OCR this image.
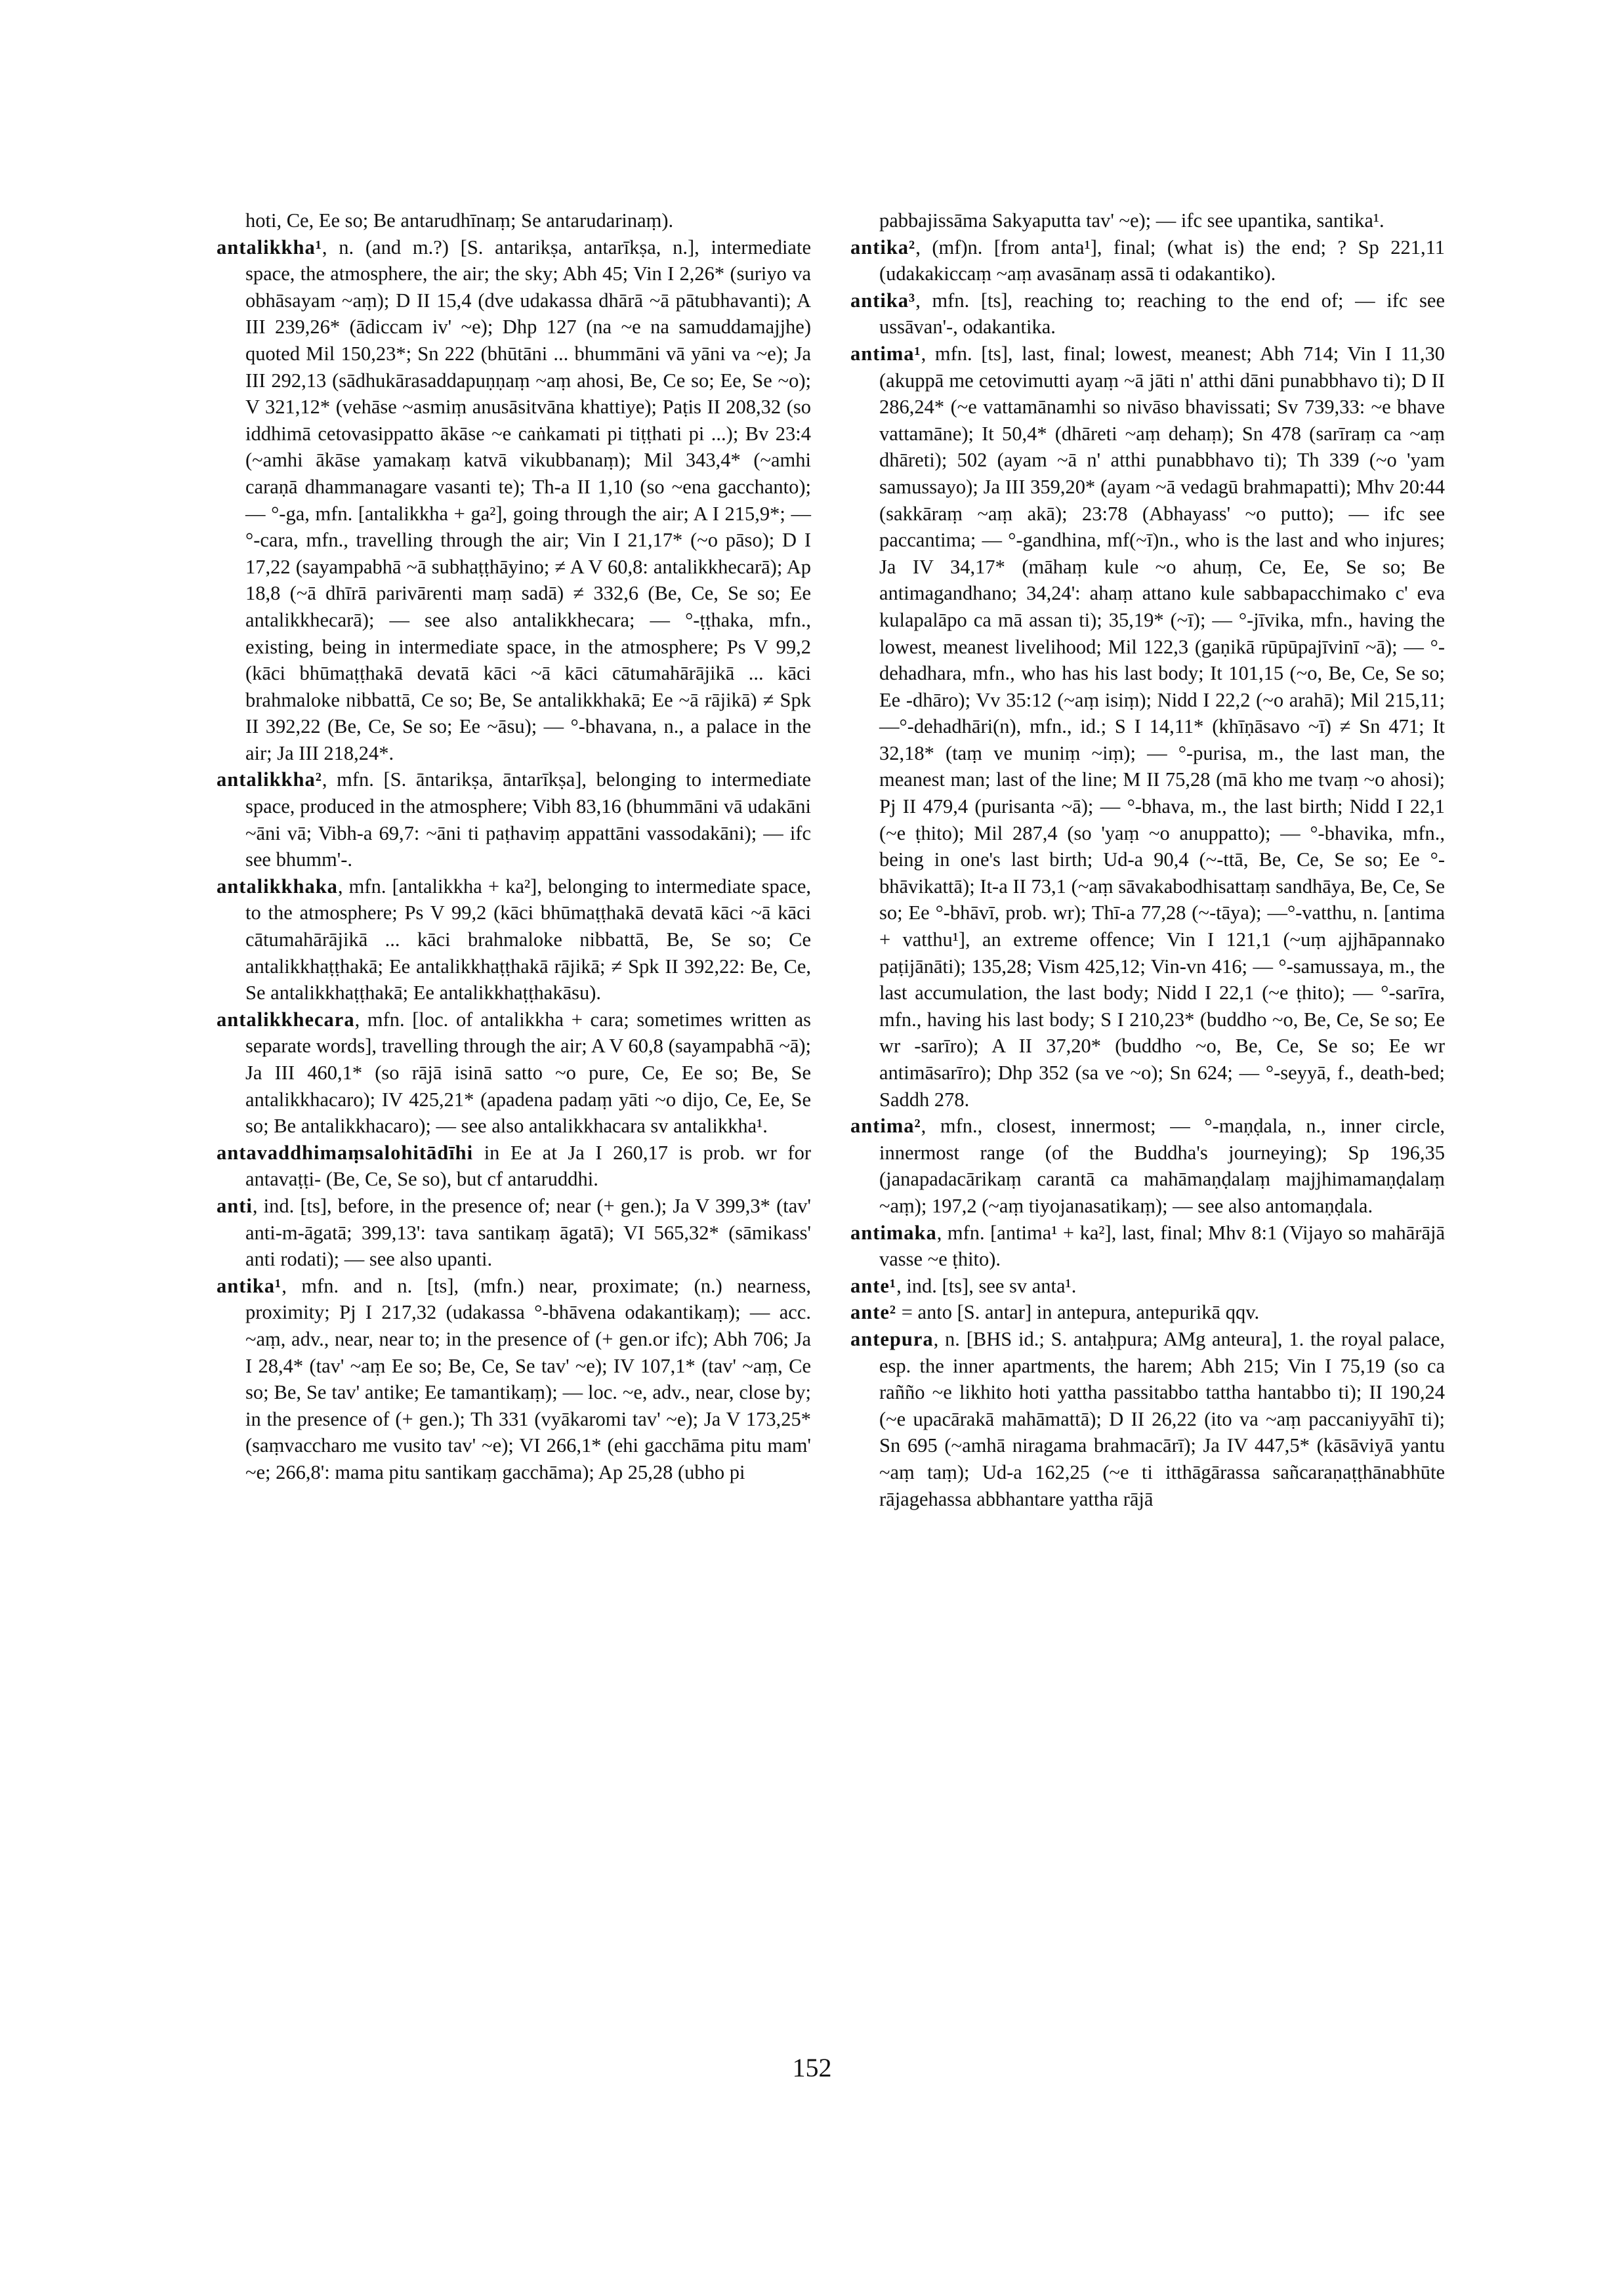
hoti, Ce, Ee so; Be antarudhīnaṃ; Se antarudarinaṃ).

antalikkha¹, n. (and m.?) [S. antarikṣa, antarīkṣa, n.], intermediate space, the atmosphere, the air; the sky; Abh 45; Vin I 2,26* (suriyo va obhāsayam ~aṃ); D II 15,4 (dve udakassa dhārā ~ā pātubhavanti); A III 239,26* (ādiccam iv' ~e); Dhp 127 (na ~e na samuddamajjhe) quoted Mil 150,23*; Sn 222 (bhūtāni ... bhummāni vā yāni va ~e); Ja III 292,13 (sādhukārasaddapuṇṇaṃ ~aṃ ahosi, Be, Ce so; Ee, Se ~o); V 321,12* (vehāse ~asmiṃ anusāsitvāna khattiye); Paṭis II 208,32 (so iddhimā cetovasippatto ākāse ~e caṅkamati pi tiṭṭhati pi ...); Bv 23:4 (~amhi ākāse yamakaṃ katvā vikubbanaṃ); Mil 343,4* (~amhi caraṇā dhammanagare vasanti te); Th-a II 1,10 (so ~ena gacchanto); — °-ga, mfn. [antalikkha + ga²], going through the air; A I 215,9*; — °-cara, mfn., travelling through the air; Vin I 21,17* (~o pāso); D I 17,22 (sayampabhā ~ā subhaṭṭhāyino; ≠ A V 60,8: antalikkhecarā); Ap 18,8 (~ā dhīrā parivārenti maṃ sadā) ≠ 332,6 (Be, Ce, Se so; Ee antalikkhecarā); — see also antalikkhecara; — °-ṭṭhaka, mfn., existing, being in intermediate space, in the atmosphere; Ps V 99,2 (kāci bhūmaṭṭhakā devatā kāci ~ā kāci cātumahārājikā ... kāci brahmaloke nibbattā, Ce so; Be, Se antalikkhakā; Ee ~ā rājikā) ≠ Spk II 392,22 (Be, Ce, Se so; Ee ~āsu); — °-bhavana, n., a palace in the air; Ja III 218,24*.

antalikkha², mfn. [S. āntarikṣa, āntarīkṣa], belonging to intermediate space, produced in the atmosphere; Vibh 83,16 (bhummāni vā udakāni ~āni vā; Vibh-a 69,7: ~āni ti paṭhaviṃ appattāni vassodakāni); — ifc see bhumm'-.

antalikkhaka, mfn. [antalikkha + ka²], belonging to intermediate space, to the atmosphere; Ps V 99,2 (kāci bhūmaṭṭhakā devatā kāci ~ā kāci cātumahārājikā ... kāci brahmaloke nibbattā, Be, Se so; Ce antalikkhaṭṭhakā; Ee antalikkhaṭṭhakā rājikā; ≠ Spk II 392,22: Be, Ce, Se antalikkhaṭṭhakā; Ee antalikkhaṭṭhakāsu).

antalikkhecara, mfn. [loc. of antalikkha + cara; sometimes written as separate words], travelling through the air; A V 60,8 (sayampabhā ~ā); Ja III 460,1* (so rājā isinā satto ~o pure, Ce, Ee so; Be, Se antalikkhacaro); IV 425,21* (apadena padaṃ yāti ~o dijo, Ce, Ee, Se so; Be antalikkhacaro); — see also antalikkhacara sv antalikkha¹.

antavaddhimaṃsalohitādīhi in Ee at Ja I 260,17 is prob. wr for antavaṭṭi- (Be, Ce, Se so), but cf antaruddhi.

anti, ind. [ts], before, in the presence of; near (+ gen.); Ja V 399,3* (tav' anti-m-āgatā; 399,13': tava santikaṃ āgatā); VI 565,32* (sāmikass' anti rodati); — see also upanti.

antika¹, mfn. and n. [ts], (mfn.) near, proximate; (n.) nearness, proximity; Pj I 217,32 (udakassa °-bhāvena odakantikaṃ); — acc. ~aṃ, adv., near, near to; in the presence of (+ gen.or ifc); Abh 706; Ja I 28,4* (tav' ~aṃ Ee so; Be, Ce, Se tav' ~e); IV 107,1* (tav' ~aṃ, Ce so; Be, Se tav' antike; Ee tamantikaṃ); — loc. ~e, adv., near, close by; in the presence of (+ gen.); Th 331 (vyākaromi tav' ~e); Ja V 173,25* (saṃvaccharo me vusito tav' ~e); VI 266,1* (ehi gacchāma pitu mam' ~e; 266,8': mama pitu santikaṃ gacchāma); Ap 25,28 (ubho pi

pabbajissāma Sakyaputta tav' ~e); — ifc see upantika, santika¹.

antika², (mf)n. [from anta¹], final; (what is) the end; ? Sp 221,11 (udakakiccaṃ ~aṃ avasānaṃ assā ti odakantiko).

antika³, mfn. [ts], reaching to; reaching to the end of; — ifc see ussāvan'-, odakantika.

antima¹, mfn. [ts], last, final; lowest, meanest; Abh 714; Vin I 11,30 (akuppā me cetovimutti ayaṃ ~ā jāti n' atthi dāni punabbhavo ti); D II 286,24* (~e vattamānamhi so nivāso bhavissati; Sv 739,33: ~e bhave vattamāne); It 50,4* (dhāreti ~aṃ dehaṃ); Sn 478 (sarīraṃ ca ~aṃ dhāreti); 502 (ayam ~ā n' atthi punabbhavo ti); Th 339 (~o 'yam samussayo); Ja III 359,20* (ayam ~ā vedagū brahmapatti); Mhv 20:44 (sakkāraṃ ~aṃ akā); 23:78 (Abhayass' ~o putto); — ifc see paccantima; — °-gandhina, mf(~ī)n., who is the last and who injures; Ja IV 34,17* (māhaṃ kule ~o ahuṃ, Ce, Ee, Se so; Be antimagandhano; 34,24': ahaṃ attano kule sabbapacchimako c' eva kulapalāpo ca mā assan ti); 35,19* (~ī); — °-jīvika, mfn., having the lowest, meanest livelihood; Mil 122,3 (gaṇikā rūpūpajīvinī ~ā); — °-dehadhara, mfn., who has his last body; It 101,15 (~o, Be, Ce, Se so; Ee -dhāro); Vv 35:12 (~aṃ isiṃ); Nidd I 22,2 (~o arahā); Mil 215,11; —°-dehadhāri(n), mfn., id.; S I 14,11* (khīṇāsavo ~ī) ≠ Sn 471; It 32,18* (taṃ ve muniṃ ~iṃ); — °-purisa, m., the last man, the meanest man; last of the line; M II 75,28 (mā kho me tvaṃ ~o ahosi); Pj II 479,4 (purisanta ~ā); — °-bhava, m., the last birth; Nidd I 22,1 (~e ṭhito); Mil 287,4 (so 'yaṃ ~o anuppatto); — °-bhavika, mfn., being in one's last birth; Ud-a 90,4 (~-ttā, Be, Ce, Se so; Ee °-bhāvikattā); It-a II 73,1 (~aṃ sāvakabodhisattaṃ sandhāya, Be, Ce, Se so; Ee °-bhāvī, prob. wr); Thī-a 77,28 (~-tāya); —°-vatthu, n. [antima + vatthu¹], an extreme offence; Vin I 121,1 (~uṃ ajjhāpannako paṭijānāti); 135,28; Vism 425,12; Vin-vn 416; — °-samussaya, m., the last accumulation, the last body; Nidd I 22,1 (~e ṭhito); — °-sarīra, mfn., having his last body; S I 210,23* (buddho ~o, Be, Ce, Se so; Ee wr -sarīro); A II 37,20* (buddho ~o, Be, Ce, Se so; Ee wr antimāsarīro); Dhp 352 (sa ve ~o); Sn 624; — °-seyyā, f., death-bed; Saddh 278.

antima², mfn., closest, innermost; — °-maṇḍala, n., inner circle, innermost range (of the Buddha's journeying); Sp 196,35 (janapadacārikaṃ carantā ca mahāmaṇḍalaṃ majjhimamaṇḍalaṃ ~aṃ); 197,2 (~aṃ tiyojanasatikaṃ); — see also antomaṇḍala.

antimaka, mfn. [antima¹ + ka²], last, final; Mhv 8:1 (Vijayo so mahārājā vasse ~e ṭhito).

ante¹, ind. [ts], see sv anta¹.

ante² = anto [S. antar] in antepura, antepurikā qqv.

antepura, n. [BHS id.; S. antaḥpura; AMg anteura], 1. the royal palace, esp. the inner apartments, the harem; Abh 215; Vin I 75,19 (so ca rañño ~e likhito hoti yattha passitabbo tattha hantabbo ti); II 190,24 (~e upacārakā mahāmattā); D II 26,22 (ito va ~aṃ paccaniyyāhī ti); Sn 695 (~amhā niragama brahmacārī); Ja IV 447,5* (kāsāviyā yantu ~aṃ taṃ); Ud-a 162,25 (~e ti itthāgārassa sañcaraṇaṭṭhānabhūte rājagehassa abbhantare yattha rājā

152
